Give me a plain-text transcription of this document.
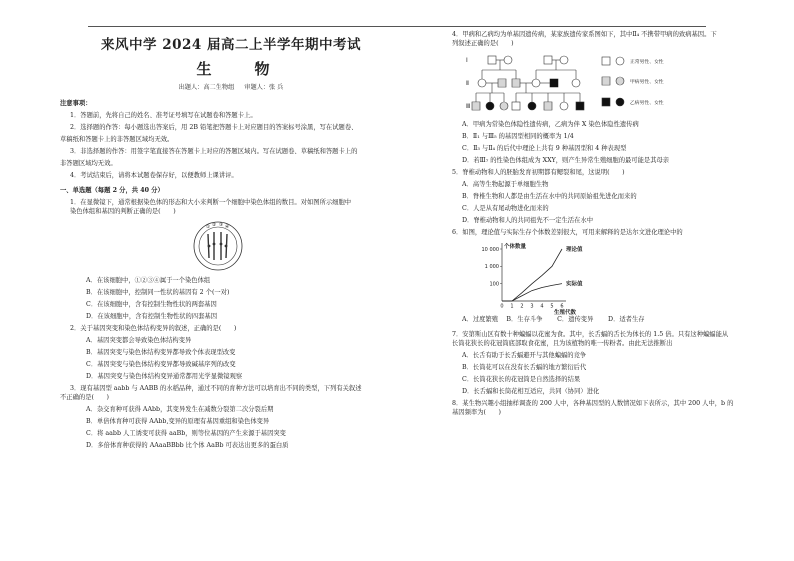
来风中学 2024 届高二上半学年期中考试
生　物
出题人：高二生物组 审题人：张 兵
注意事项：
1．答题前，先将自己的姓名、准考证号填写在试题卷和答题卡上。
2．选择题的作答：每小题选出答案后，用 2B 铅笔把答题卡上对应题目的答案标号涂黑，写在试题卷、
草稿纸和答题卡上的非答题区域均无效。
3．非选择题的作答：用签字笔直接答在答题卡上对应的答题区域内。写在试题卷、草稿纸和答题卡上的
非答题区域均无效。
4．考试结束后，请将本试题卷保存好，以便教师上课讲评。
一、单选题（每题 2 分，共 40 分）
1．在显微镜下，通常根据染色体的形态和大小来判断一个细胞中染色体组的数目。对如图所示细胞中
染色体组和基因的判断正确的是(　　)
① ② ③ ④
A．在该细胞中，①②③④属于一个染色体组
B．在该细胞中，控制同一性状的基因有 2 个(一对)
C．在该细胞中，含有控制生物性状的两套基因
D．在该细胞中，含有控制生物性状的四套基因
2．关于基因突变和染色体结构变异的叙述，正确的是(　　)
A．基因突变都会导致染色体结构变异
B．基因突变与染色体结构变异都导致个体表现型改变
C．基因突变与染色体结构变异都导致碱基序列的改变
D．基因突变与染色体结构变异通常都用光学显微镜观察
3．现有基因型 aabb 与 AABB 的水稻品种，通过不同的育种方法可以培育出不同的类型，下列有关叙述
不正确的是(　　)
A．杂交育种可获得 AAbb，其变异发生在减数分裂第二次分裂后期
B．单倍体育种可获得 AAbb,变异的原理有基因重组和染色体变异
C．将 aabb 人工诱变可获得 aaBb，则等位基因的产生来源于基因突变
D．多倍体育种获得的 AAaaBBbb 比个体 AaBb 可表达出更多的蛋白质
4．甲病和乙病均为单基因遗传病，某家族遗传家系图如下，其中Ⅱ₄ 不携带甲病的致病基因。下
列叙述正确的是(　　)
Ⅰ
Ⅱ
Ⅲ
正常男性、女性
甲病男性、女性
乙病男性、女性
A．甲病为常染色体隐性遗传病，乙病为伴 X 染色体隐性遗传病
B．Ⅱ₁ 与Ⅲ₅ 的基因型相同的概率为 1/4
C．Ⅱ₃ 与Ⅱ₄ 的后代中理论上共有 9 种基因型和 4 种表现型
D．若Ⅲ₇ 的性染色体组成为 XXY，则产生异常生殖细胞的最可能是其母亲
5．脊椎动物和人的胚胎发育初期都有鳃裂和尾，这说明(　　)
A．高等生物起源于单细胞生物
B．脊椎生物和人都是由生活在水中的共同原始祖先进化而来的
C．人是从有尾动物进化而来的
D．脊椎动物和人的共同祖先不一定生活在水中
6．如图，理论值与实际生存个体数差别很大，可用来解释的是达尔文进化理论中的
个体数量
生殖代数
100
1 000
10 000
0 1 2 3 4 5 6
理论值
实际值
A．过度繁殖  B．生存斗争   C．遗传变异   D．适者生存
7．安第斯山区有数十种蝙蝠以花蜜为食。其中，长舌蝠的舌长为体长的 1.5 倍。只有这种蝙蝠能从
长筒花狭长的花冠筒底部取食花蜜，且为该植物的唯一传粉者。由此无法推断出
A．长舌有助于长舌蝠避开与其他蝙蝠的竞争
B．长筒花可以在没有长舌蝠的地方繁衍后代
C．长筒花狭长的花冠筒是自然选择的结果
D．长舌蝠和长筒花相互适应，共同（协同）进化
8．某生物兴趣小组抽样调查的 200 人中，各种基因型的人数情况如下表所示，其中 200 人中，b 的
基因频率为(　　)
